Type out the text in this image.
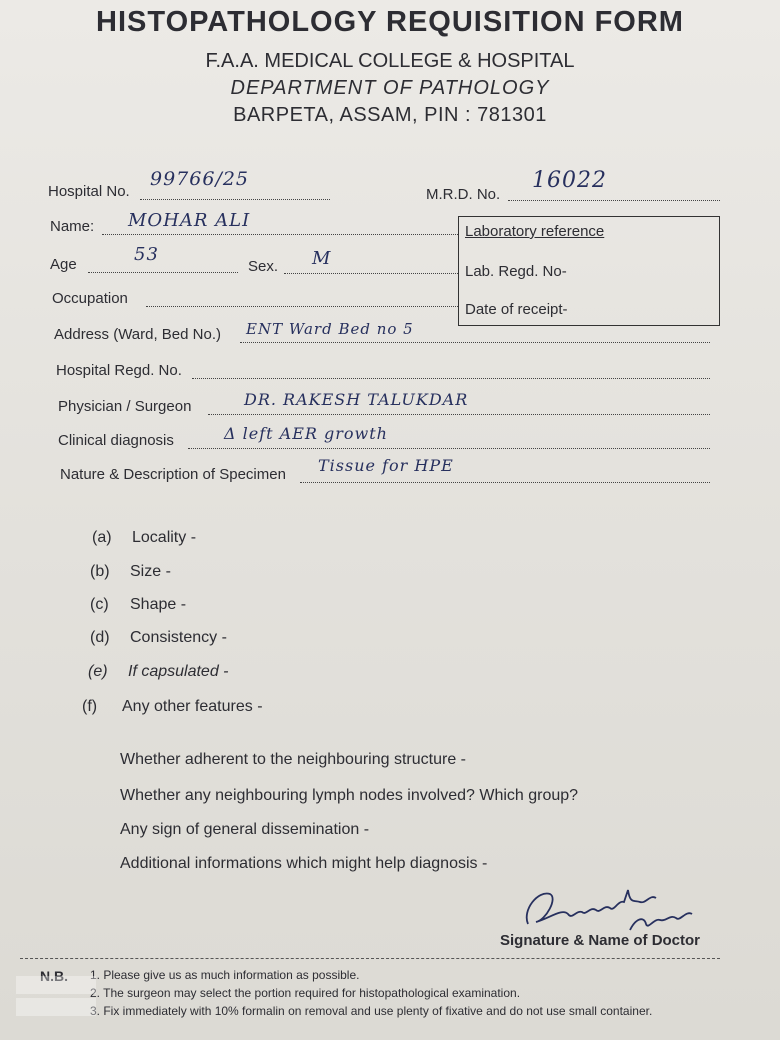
HISTOPATHOLOGY REQUISITION FORM
F.A.A. MEDICAL COLLEGE & HOSPITAL
DEPARTMENT OF PATHOLOGY
BARPETA, ASSAM, PIN : 781301
Hospital No.
99766/25
M.R.D. No.
16022
Name: MOHAR ALI
Laboratory reference
Lab. Regd. No-
Date of receipt-
Age	53
Sex. M
Occupation
Address (Ward, Bed No.) ENT Ward Bed no 5
Hospital Regd. No.
Physician / Surgeon	DR. RAKESH TALUKDAR
Clinical diagnosis	Δ left AER growth
Nature & Description of Specimen Tissue for HPE
(a) Locality -
(b) Size -
(c) Shape -
(d) Consistency -
(e) If capsulated -
(f) Any other features -
Whether adherent to the neighbouring structure -
Whether any neighbouring lymph nodes involved? Which group?
Any sign of general dissemination -
Additional informations which might help diagnosis -
Signature & Name of Doctor
N.B. 1. Please give us as much information as possible.
2. The surgeon may select the portion required for histopathological examination.
3. Fix immediately with 10% formalin on removal and use plenty of fixative and do not use small container.
